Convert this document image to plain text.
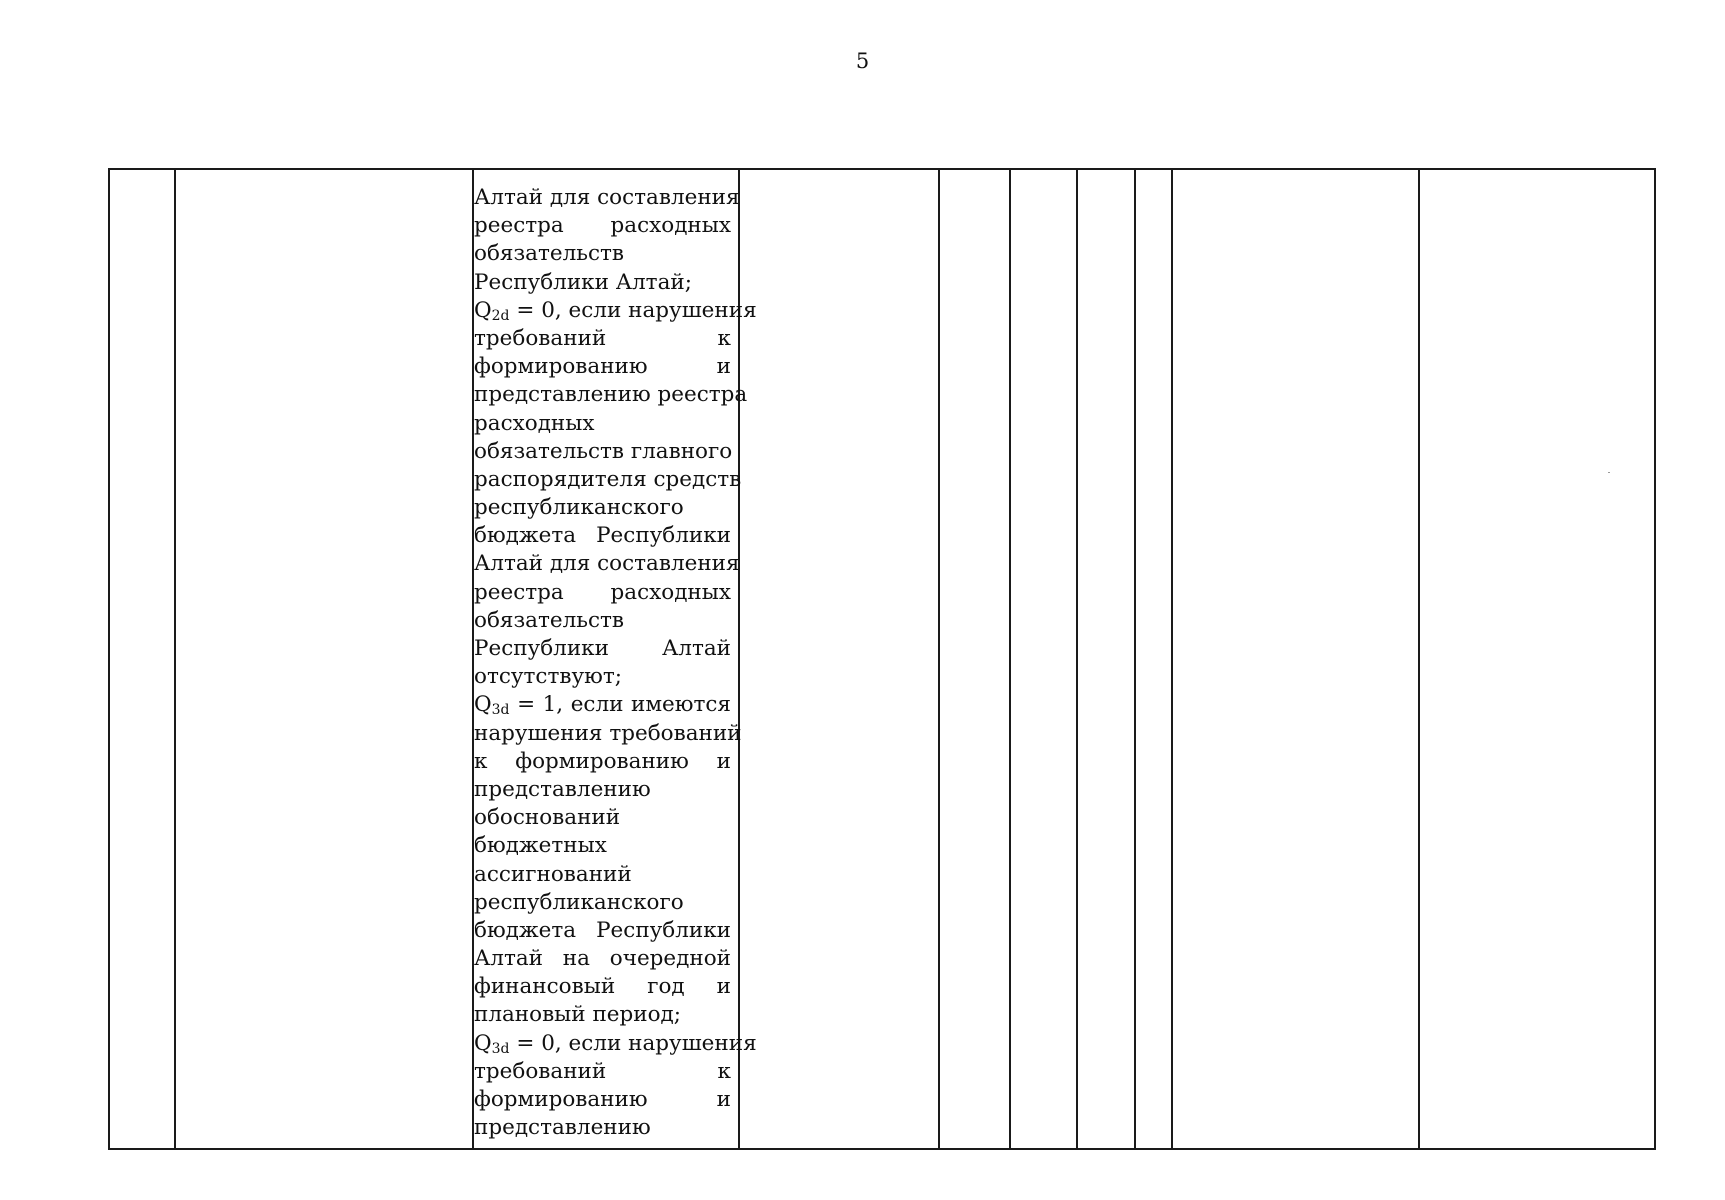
5
Алтай для составления
реестра расходных
обязательств
Республики Алтай;
$Q_{2d} = 0$, если нарушения
требований к
формированию и
представлению реестра
расходных
обязательств главного
распорядителя средств
республиканского
бюджета Республики
Алтай для составления
реестра расходных
обязательств
Республики Алтай
отсутствуют;
$Q_{3d} = 1$, если имеются
нарушения требований
к формированию и
представлению
обоснований
бюджетных
ассигнований
республиканского
бюджета Республики
Алтай на очередной
финансовый год и
плановый период;
$Q_{3d} = 0$, если нарушения
требований к
формированию и
представлению
